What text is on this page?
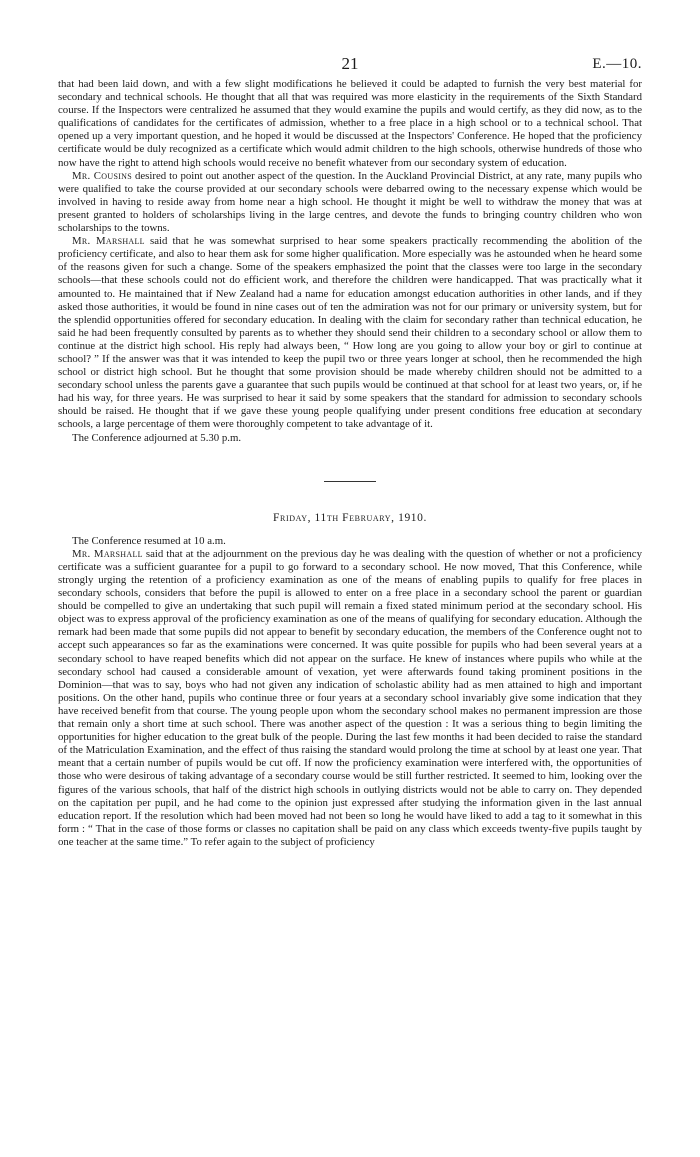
21	E.—10.

that had been laid down, and with a few slight modifications he believed it could be adapted to furnish the very best material for secondary and technical schools. He thought that all that was required was more elasticity in the requirements of the Sixth Standard course. If the Inspectors were centralized he assumed that they would examine the pupils and would certify, as they did now, as to the qualifications of candidates for the certificates of admission, whether to a free place in a high school or to a technical school. That opened up a very important question, and he hoped it would be discussed at the Inspectors' Conference. He hoped that the proficiency certificate would be duly recognized as a certificate which would admit children to the high schools, otherwise hundreds of those who now have the right to attend high schools would receive no benefit whatever from our secondary system of education.

Mr. Cousins desired to point out another aspect of the question. In the Auckland Provincial District, at any rate, many pupils who were qualified to take the course provided at our secondary schools were debarred owing to the necessary expense which would be involved in having to reside away from home near a high school. He thought it might be well to withdraw the money that was at present granted to holders of scholarships living in the large centres, and devote the funds to bringing country children who won scholarships to the towns.

Mr. Marshall said that he was somewhat surprised to hear some speakers practically recommending the abolition of the proficiency certificate, and also to hear them ask for some higher qualification. More especially was he astounded when he heard some of the reasons given for such a change. Some of the speakers emphasized the point that the classes were too large in the secondary schools—that these schools could not do efficient work, and therefore the children were handicapped. That was practically what it amounted to. He maintained that if New Zealand had a name for education amongst education authorities in other lands, and if they asked those authorities, it would be found in nine cases out of ten the admiration was not for our primary or university system, but for the splendid opportunities offered for secondary education. In dealing with the claim for secondary rather than technical education, he said he had been frequently consulted by parents as to whether they should send their children to a secondary school or allow them to continue at the district high school. His reply had always been, “ How long are you going to allow your boy or girl to continue at school? ” If the answer was that it was intended to keep the pupil two or three years longer at school, then he recommended the high school or district high school. But he thought that some provision should be made whereby children should not be admitted to a secondary school unless the parents gave a guarantee that such pupils would be continued at that school for at least two years, or, if he had his way, for three years. He was surprised to hear it said by some speakers that the standard for admission to secondary schools should be raised. He thought that if we gave these young people qualifying under present conditions free education at secondary schools, a large percentage of them were thoroughly competent to take advantage of it.

The Conference adjourned at 5.30 p.m.

Friday, 11th February, 1910.

The Conference resumed at 10 a.m.

Mr. Marshall said that at the adjournment on the previous day he was dealing with the question of whether or not a proficiency certificate was a sufficient guarantee for a pupil to go forward to a secondary school. He now moved, That this Conference, while strongly urging the retention of a proficiency examination as one of the means of enabling pupils to qualify for free places in secondary schools, considers that before the pupil is allowed to enter on a free place in a secondary school the parent or guardian should be compelled to give an undertaking that such pupil will remain a fixed stated minimum period at the secondary school. His object was to express approval of the proficiency examination as one of the means of qualifying for secondary education. Although the remark had been made that some pupils did not appear to benefit by secondary education, the members of the Conference ought not to accept such appearances so far as the examinations were concerned. It was quite possible for pupils who had been several years at a secondary school to have reaped benefits which did not appear on the surface. He knew of instances where pupils who while at the secondary school had caused a considerable amount of vexation, yet were afterwards found taking prominent positions in the Dominion—that was to say, boys who had not given any indication of scholastic ability had as men attained to high and important positions. On the other hand, pupils who continue three or four years at a secondary school invariably give some indication that they have received benefit from that course. The young people upon whom the secondary school makes no permanent impression are those that remain only a short time at such school. There was another aspect of the question : It was a serious thing to begin limiting the opportunities for higher education to the great bulk of the people. During the last few months it had been decided to raise the standard of the Matriculation Examination, and the effect of thus raising the standard would prolong the time at school by at least one year. That meant that a certain number of pupils would be cut off. If now the proficiency examination were interfered with, the opportunities of those who were desirous of taking advantage of a secondary course would be still further restricted. It seemed to him, looking over the figures of the various schools, that half of the district high schools in outlying districts would not be able to carry on. They depended on the capitation per pupil, and he had come to the opinion just expressed after studying the information given in the last annual education report. If the resolution which had been moved had not been so long he would have liked to add a tag to it somewhat in this form : “ That in the case of those forms or classes no capitation shall be paid on any class which exceeds twenty-five pupils taught by one teacher at the same time.” To refer again to the subject of proficiency
